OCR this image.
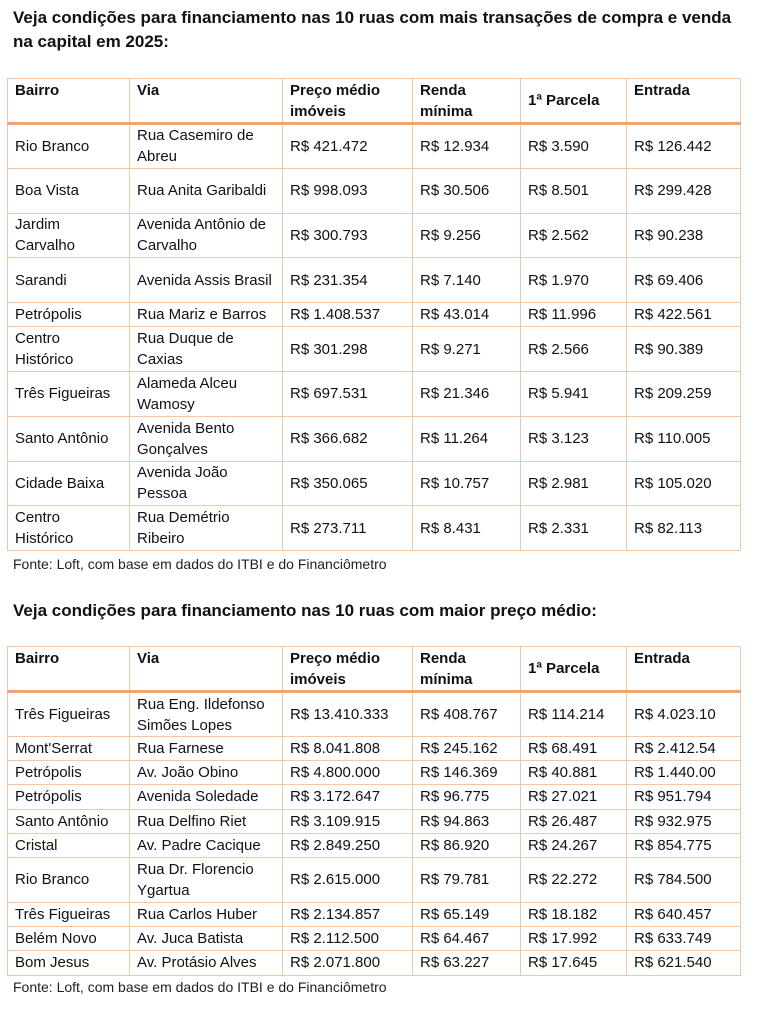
Veja condições para financiamento nas 10 ruas com mais transações de compra e venda na capital em 2025:
Bairro	Via	Preço médio imóveis	Renda mínima	1ª Parcela	Entrada
Rio Branco	Rua Casemiro de Abreu	R$ 421.472	R$ 12.934	R$ 3.590	R$ 126.442
Boa Vista	Rua Anita Garibaldi	R$ 998.093	R$ 30.506	R$ 8.501	R$ 299.428
Jardim Carvalho	Avenida Antônio de Carvalho	R$ 300.793	R$ 9.256	R$ 2.562	R$ 90.238
Sarandi	Avenida Assis Brasil	R$ 231.354	R$ 7.140	R$ 1.970	R$ 69.406
Petrópolis	Rua Mariz e Barros	R$ 1.408.537	R$ 43.014	R$ 11.996	R$ 422.561
Centro Histórico	Rua Duque de Caxias	R$ 301.298	R$ 9.271	R$ 2.566	R$ 90.389
Três Figueiras	Alameda Alceu Wamosy	R$ 697.531	R$ 21.346	R$ 5.941	R$ 209.259
Santo Antônio	Avenida Bento Gonçalves	R$ 366.682	R$ 11.264	R$ 3.123	R$ 110.005
Cidade Baixa	Avenida João Pessoa	R$ 350.065	R$ 10.757	R$ 2.981	R$ 105.020
Centro Histórico	Rua Demétrio Ribeiro	R$ 273.711	R$ 8.431	R$ 2.331	R$ 82.113

Fonte: Loft, com base em dados do ITBI e do Financiômetro

Veja condições para financiamento nas 10 ruas com maior preço médio:
Bairro	Via	Preço médio imóveis	Renda mínima	1ª Parcela	Entrada
Três Figueiras	Rua Eng. Ildefonso Simões Lopes	R$ 13.410.333	R$ 408.767	R$ 114.214	R$ 4.023.10
Mont'Serrat	Rua Farnese	R$ 8.041.808	R$ 245.162	R$ 68.491	R$ 2.412.54
Petrópolis	Av. João Obino	R$ 4.800.000	R$ 146.369	R$ 40.881	R$ 1.440.00
Petrópolis	Avenida Soledade	R$ 3.172.647	R$ 96.775	R$ 27.021	R$ 951.794
Santo Antônio	Rua Delfino Riet	R$ 3.109.915	R$ 94.863	R$ 26.487	R$ 932.975
Cristal	Av. Padre Cacique	R$ 2.849.250	R$ 86.920	R$ 24.267	R$ 854.775
Rio Branco	Rua Dr. Florencio Ygartua	R$ 2.615.000	R$ 79.781	R$ 22.272	R$ 784.500
Três Figueiras	Rua Carlos Huber	R$ 2.134.857	R$ 65.149	R$ 18.182	R$ 640.457
Belém Novo	Av. Juca Batista	R$ 2.112.500	R$ 64.467	R$ 17.992	R$ 633.749
Bom Jesus	Av. Protásio Alves	R$ 2.071.800	R$ 63.227	R$ 17.645	R$ 621.540

Fonte: Loft, com base em dados do ITBI e do Financiômetro
